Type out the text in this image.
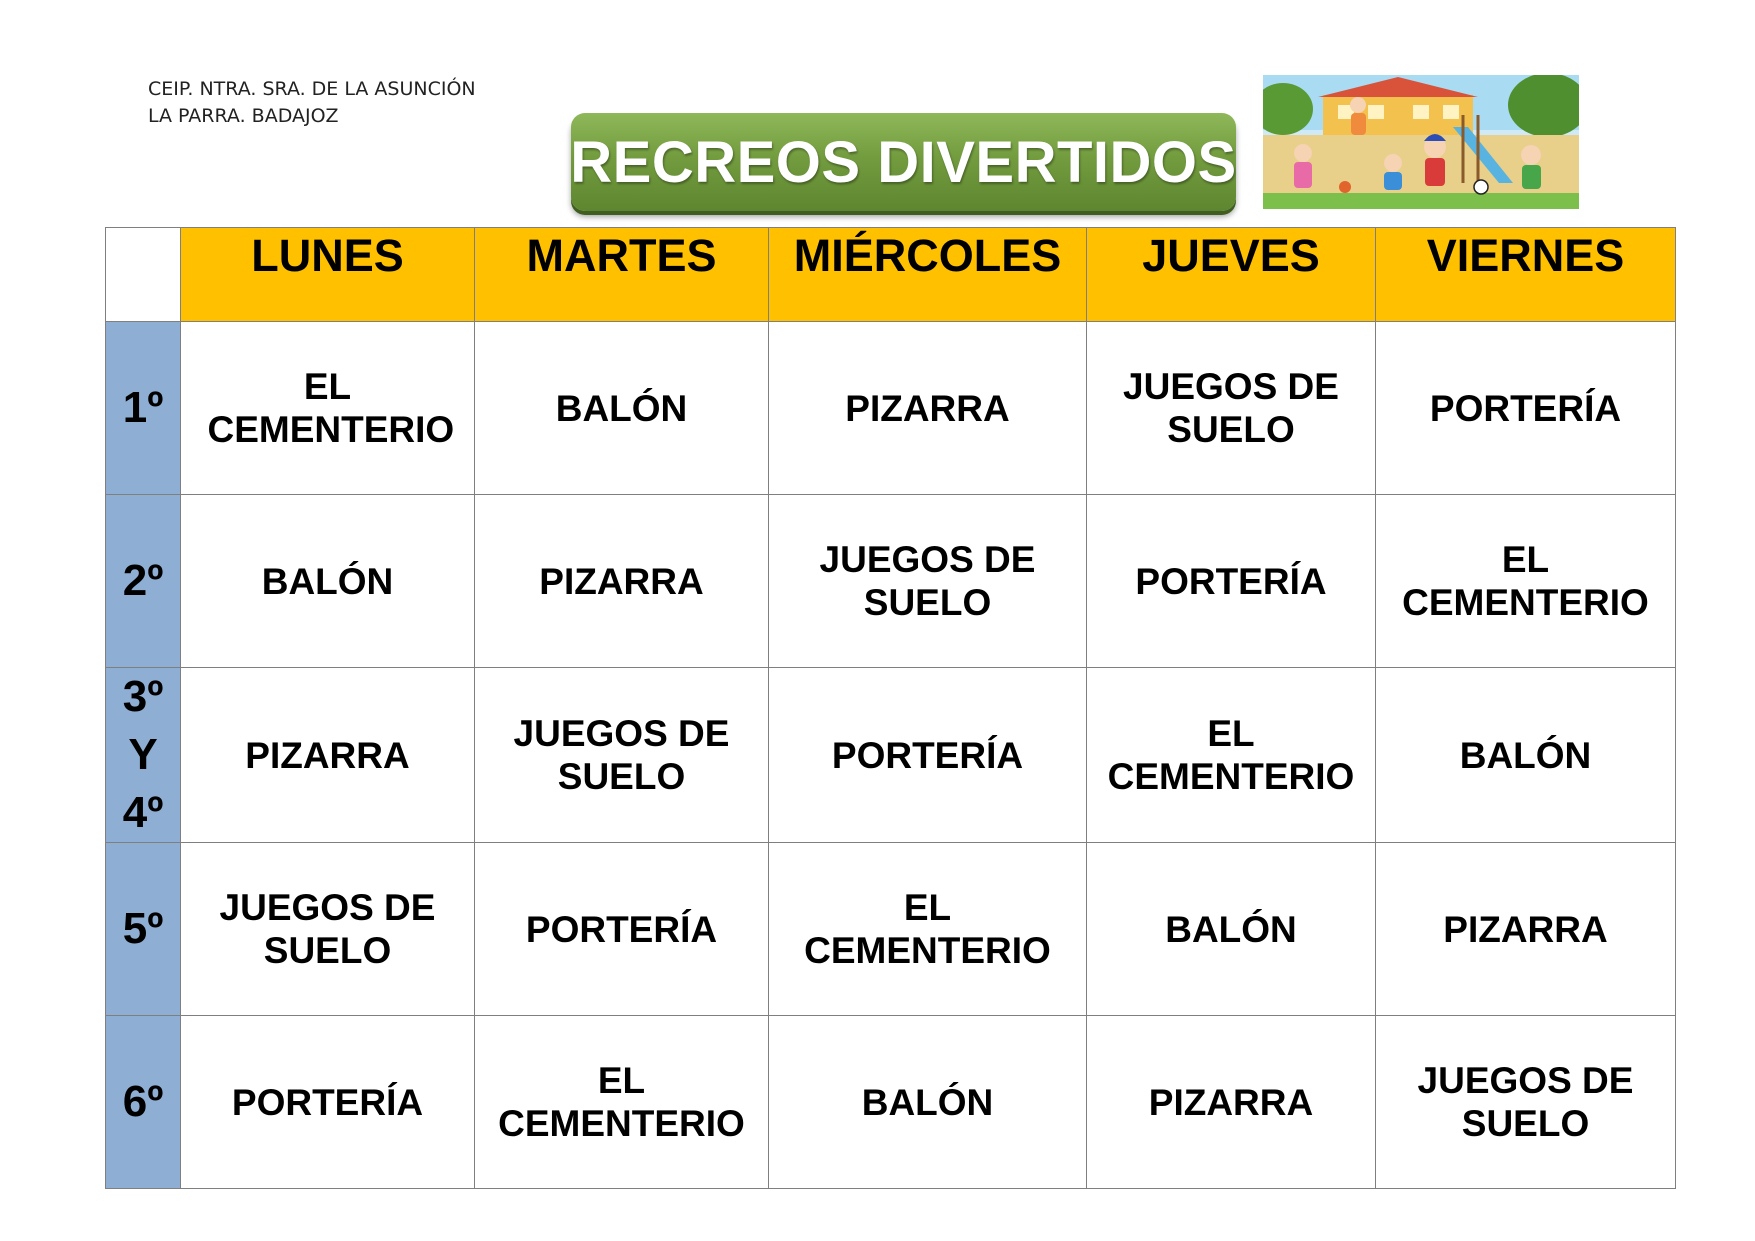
CEIP. NTRA. SRA. DE LA ASUNCIÓN
LA PARRA. BADAJOZ
RECREOS DIVERTIDOS
	LUNES	MARTES	MIÉRCOLES	JUEVES	VIERNES
1º	EL CEMENTERIO	BALÓN	PIZARRA	JUEGOS DE SUELO	PORTERÍA
2º	BALÓN	PIZARRA	JUEGOS DE SUELO	PORTERÍA	EL CEMENTERIO
3º Y 4º	PIZARRA	JUEGOS DE SUELO	PORTERÍA	EL CEMENTERIO	BALÓN
5º	JUEGOS DE SUELO	PORTERÍA	EL CEMENTERIO	BALÓN	PIZARRA
6º	PORTERÍA	EL CEMENTERIO	BALÓN	PIZARRA	JUEGOS DE SUELO
